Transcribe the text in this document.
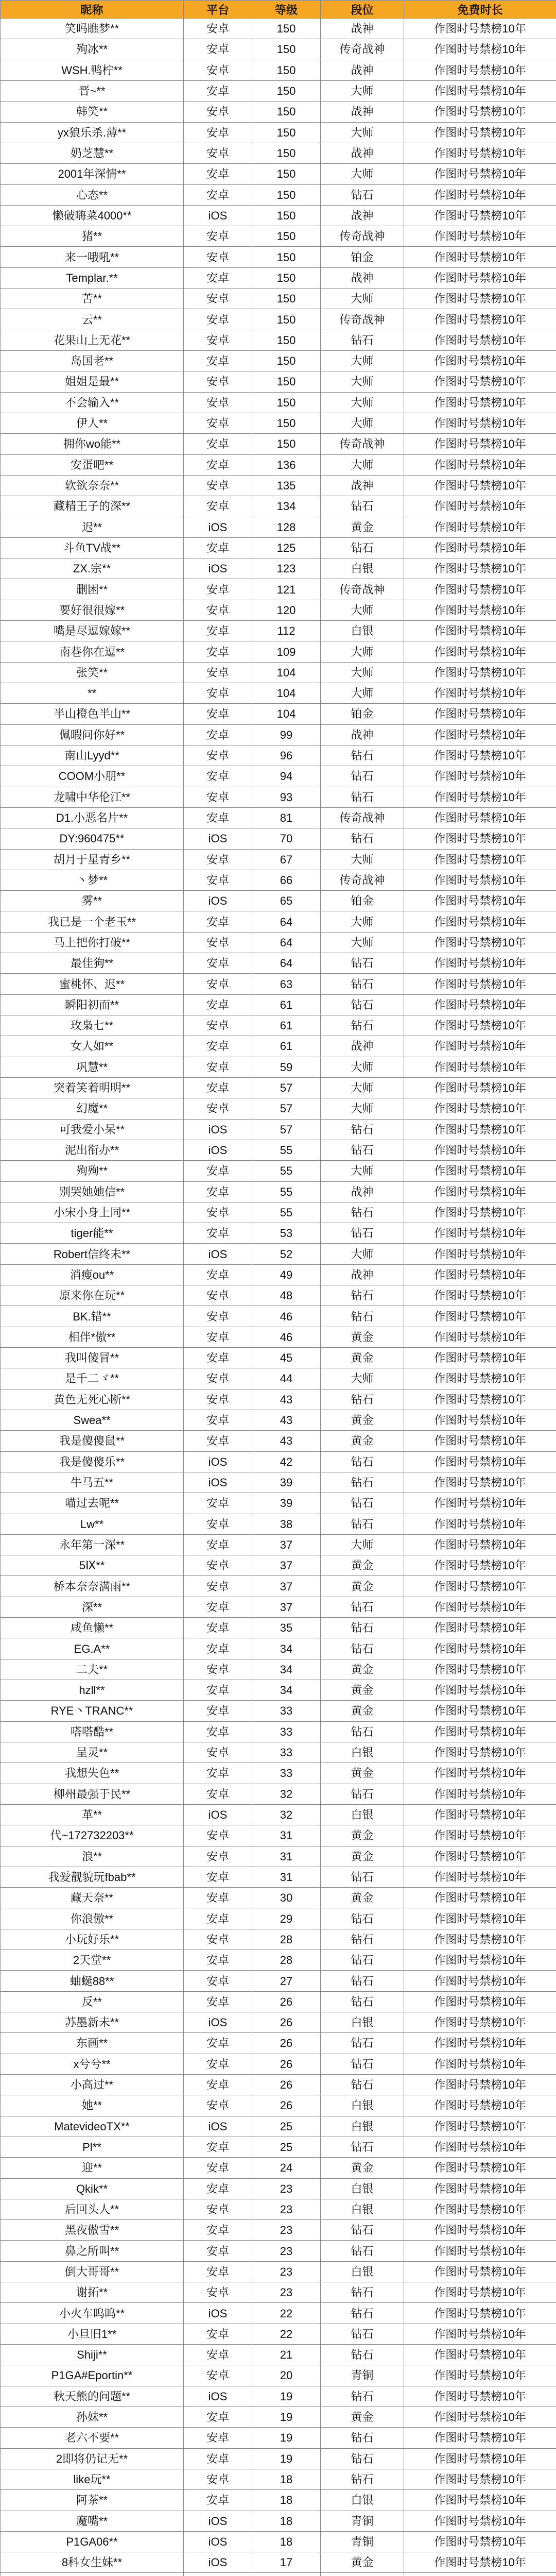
昵称	平台	等级	段位	免费时长
笑吗瞧梦**	安卓	150	战神	作图时号禁榜10年
殉冰**	安卓	150	传奇战神	作图时号禁榜10年
WSH.鸭柠**	安卓	150	战神	作图时号禁榜10年
晋~**	安卓	150	大师	作图时号禁榜10年
韩笑**	安卓	150	战神	作图时号禁榜10年
yx狼乐杀.薄**	安卓	150	大师	作图时号禁榜10年
奶芝慧**	安卓	150	战神	作图时号禁榜10年
2001年深情**	安卓	150	大师	作图时号禁榜10年
心态**	安卓	150	钻石	作图时号禁榜10年
懒破嗨菜4000**	iOS	150	战神	作图时号禁榜10年
猪**	安卓	150	传奇战神	作图时号禁榜10年
来一哦吼**	安卓	150	铂金	作图时号禁榜10年
Templar.**	安卓	150	战神	作图时号禁榜10年
苦**	安卓	150	大师	作图时号禁榜10年
云**	安卓	150	传奇战神	作图时号禁榜10年
花果山上无花**	安卓	150	钻石	作图时号禁榜10年
岛国老**	安卓	150	大师	作图时号禁榜10年
姐姐是最**	安卓	150	大师	作图时号禁榜10年
不会输入**	安卓	150	大师	作图时号禁榜10年
伊人**	安卓	150	大师	作图时号禁榜10年
拥你wo能**	安卓	150	传奇战神	作图时号禁榜10年
安蛋吧**	安卓	136	大师	作图时号禁榜10年
软欲奈奈**	安卓	135	战神	作图时号禁榜10年
藏精王子的深**	安卓	134	钻石	作图时号禁榜10年
迟**	iOS	128	黄金	作图时号禁榜10年
斗鱼TV战**	安卓	125	钻石	作图时号禁榜10年
ZX.宗**	iOS	123	白银	作图时号禁榜10年
删困**	安卓	121	传奇战神	作图时号禁榜10年
要好很很嫁**	安卓	120	大师	作图时号禁榜10年
嘴是尽逗嫁嫁**	安卓	112	白银	作图时号禁榜10年
南巷你在逗**	安卓	109	大师	作图时号禁榜10年
张笑**	安卓	104	大师	作图时号禁榜10年
**	安卓	104	大师	作图时号禁榜10年
半山橙色半山**	安卓	104	铂金	作图时号禁榜10年
佩暇问你好**	安卓	99	战神	作图时号禁榜10年
南山Lyyd**	安卓	96	钻石	作图时号禁榜10年
COOM小朋**	安卓	94	钻石	作图时号禁榜10年
龙啸中华伦江**	安卓	93	钻石	作图时号禁榜10年
D1.小恶名片**	安卓	81	传奇战神	作图时号禁榜10年
DY:960475**	iOS	70	钻石	作图时号禁榜10年
胡月于星青乡**	安卓	67	大师	作图时号禁榜10年
丶梦**	安卓	66	传奇战神	作图时号禁榜10年
雾**	iOS	65	铂金	作图时号禁榜10年
我已是一个老玉**	安卓	64	大师	作图时号禁榜10年
马上把你打破**	安卓	64	大师	作图时号禁榜10年
最佳狗**	安卓	64	钻石	作图时号禁榜10年
蜜桃怀、迟**	安卓	63	钻石	作图时号禁榜10年
瞬阳初而**	安卓	61	钻石	作图时号禁榜10年
玫枭七**	安卓	61	钻石	作图时号禁榜10年
女人如**	安卓	61	战神	作图时号禁榜10年
巩慧**	安卓	59	大师	作图时号禁榜10年
突着笑着明明**	安卓	57	大师	作图时号禁榜10年
幻魔**	安卓	57	大师	作图时号禁榜10年
可我爱小呆**	iOS	57	钻石	作图时号禁榜10年
泥出衔办**	iOS	55	钻石	作图时号禁榜10年
殉殉**	安卓	55	大师	作图时号禁榜10年
别哭她她信**	安卓	55	战神	作图时号禁榜10年
小宋小身上同**	安卓	55	钻石	作图时号禁榜10年
tiger能**	安卓	53	钻石	作图时号禁榜10年
Robert信终未**	iOS	52	大师	作图时号禁榜10年
消瘦ou**	安卓	49	战神	作图时号禁榜10年
原来你在玩**	安卓	48	钻石	作图时号禁榜10年
BK.错**	安卓	46	钻石	作图时号禁榜10年
相伴*傲**	安卓	46	黄金	作图时号禁榜10年
我叫傻冒**	安卓	45	黄金	作图时号禁榜10年
是千二ゞ**	安卓	44	大师	作图时号禁榜10年
黄色无死心断**	安卓	43	钻石	作图时号禁榜10年
Swea**	安卓	43	黄金	作图时号禁榜10年
我是傻傻鼠**	安卓	43	黄金	作图时号禁榜10年
我是傻傻乐**	iOS	42	钻石	作图时号禁榜10年
牛马五**	iOS	39	钻石	作图时号禁榜10年
喵过去呢**	安卓	39	钻石	作图时号禁榜10年
Lw**	安卓	38	钻石	作图时号禁榜10年
永年第一深**	安卓	37	大师	作图时号禁榜10年
5Ⅸ**	安卓	37	黄金	作图时号禁榜10年
桥本奈奈满雨**	安卓	37	黄金	作图时号禁榜10年
深**	安卓	37	钻石	作图时号禁榜10年
咸鱼懒**	安卓	35	钻石	作图时号禁榜10年
EG.A**	安卓	34	钻石	作图时号禁榜10年
二夫**	安卓	34	黄金	作图时号禁榜10年
hzll**	安卓	34	黄金	作图时号禁榜10年
RYE丶TRANC**	安卓	33	黄金	作图时号禁榜10年
嗒嗒酷**	安卓	33	钻石	作图时号禁榜10年
呈灵**	安卓	33	白银	作图时号禁榜10年
我想失色**	安卓	33	黄金	作图时号禁榜10年
柳州最强于民**	安卓	32	钻石	作图时号禁榜10年
革**	iOS	32	白银	作图时号禁榜10年
代~172732203**	安卓	31	黄金	作图时号禁榜10年
浪**	安卓	31	黄金	作图时号禁榜10年
我爱靓貌玩fbab**	安卓	31	钻石	作图时号禁榜10年
藏天奈**	安卓	30	黄金	作图时号禁榜10年
你浪傲**	安卓	29	钻石	作图时号禁榜10年
小玩好乐**	安卓	28	钻石	作图时号禁榜10年
2天堂**	安卓	28	钻石	作图时号禁榜10年
蚰蜒88**	安卓	27	钻石	作图时号禁榜10年
反**	安卓	26	钻石	作图时号禁榜10年
苏墨新未**	iOS	26	白银	作图时号禁榜10年
东画**	安卓	26	钻石	作图时号禁榜10年
x兮兮**	安卓	26	钻石	作图时号禁榜10年
小高过**	安卓	26	钻石	作图时号禁榜10年
她**	安卓	26	白银	作图时号禁榜10年
MatevideoTX**	iOS	25	白银	作图时号禁榜10年
Pl**	安卓	25	钻石	作图时号禁榜10年
迎**	安卓	24	黄金	作图时号禁榜10年
Qkik**	安卓	23	白银	作图时号禁榜10年
后回头人**	安卓	23	白银	作图时号禁榜10年
黑夜傲雪**	安卓	23	钻石	作图时号禁榜10年
鼻之所叫**	安卓	23	钻石	作图时号禁榜10年
倒大哥哥**	安卓	23	白银	作图时号禁榜10年
谢拓**	安卓	23	钻石	作图时号禁榜10年
小火车呜呜**	iOS	22	钻石	作图时号禁榜10年
小旦旧1**	安卓	22	钻石	作图时号禁榜10年
Shiji**	安卓	21	钻石	作图时号禁榜10年
P1GA#Eportin**	安卓	20	青铜	作图时号禁榜10年
秋天熊的问题**	iOS	19	钻石	作图时号禁榜10年
孙妹**	安卓	19	黄金	作图时号禁榜10年
老六不要**	安卓	19	钻石	作图时号禁榜10年
2即将仍记无**	安卓	19	钻石	作图时号禁榜10年
like玩**	安卓	18	钻石	作图时号禁榜10年
阿茶**	安卓	18	白银	作图时号禁榜10年
魔嘴**	iOS	18	青铜	作图时号禁榜10年
P1GA06**	iOS	18	青铜	作图时号禁榜10年
8科女生妹**	iOS	17	黄金	作图时号禁榜10年
